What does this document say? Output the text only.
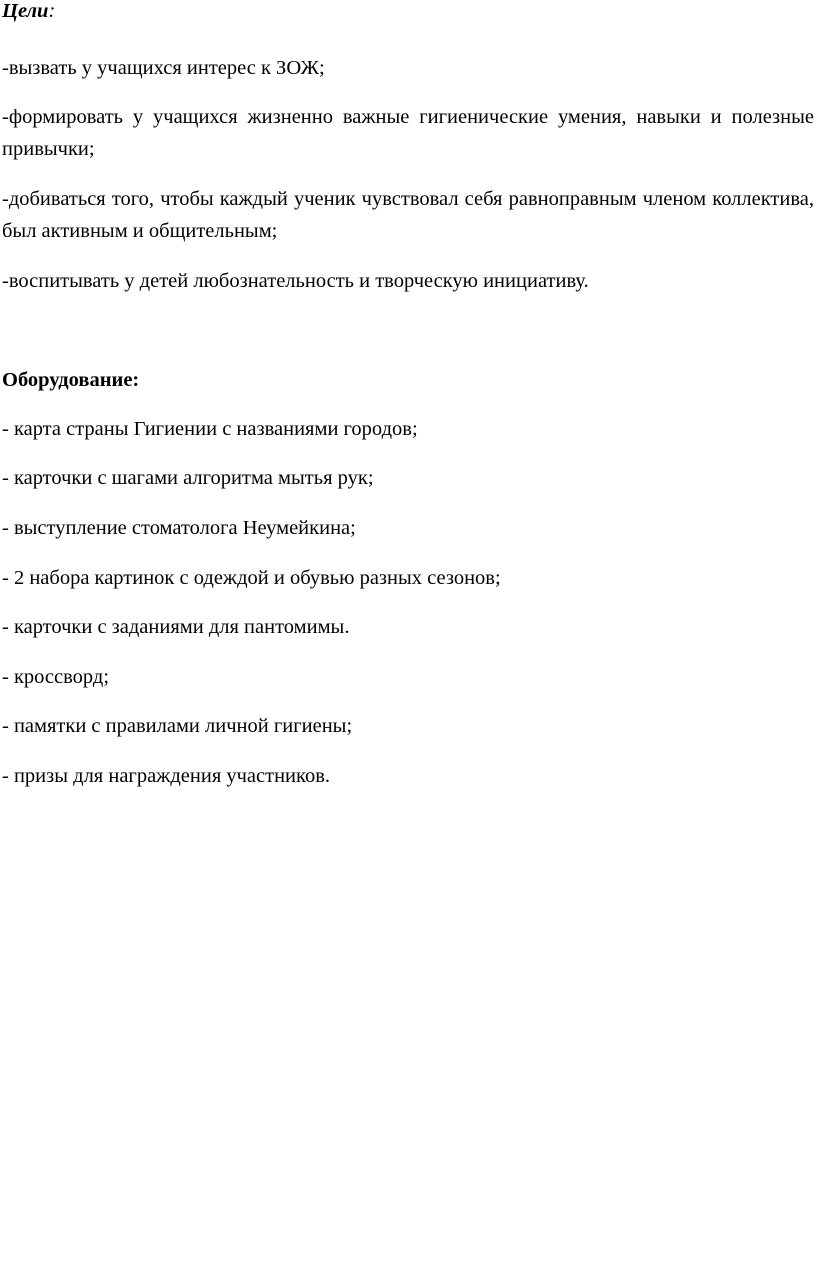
Цели:

-вызвать у учащихся интерес к ЗОЖ;

-формировать у учащихся жизненно важные гигиенические умения, навыки и полезные привычки;

-добиваться того, чтобы каждый ученик чувствовал себя равноправным членом коллектива, был активным и общительным;

-воспитывать у детей любознательность и творческую инициативу.

Оборудование:

- карта страны Гигиении с названиями городов;

- карточки с шагами алгоритма мытья рук;

- выступление стоматолога Неумейкина;

- 2 набора картинок с одеждой и обувью разных сезонов;

- карточки с заданиями для пантомимы.

- кроссворд;

- памятки с правилами личной гигиены;

- призы для награждения участников.
